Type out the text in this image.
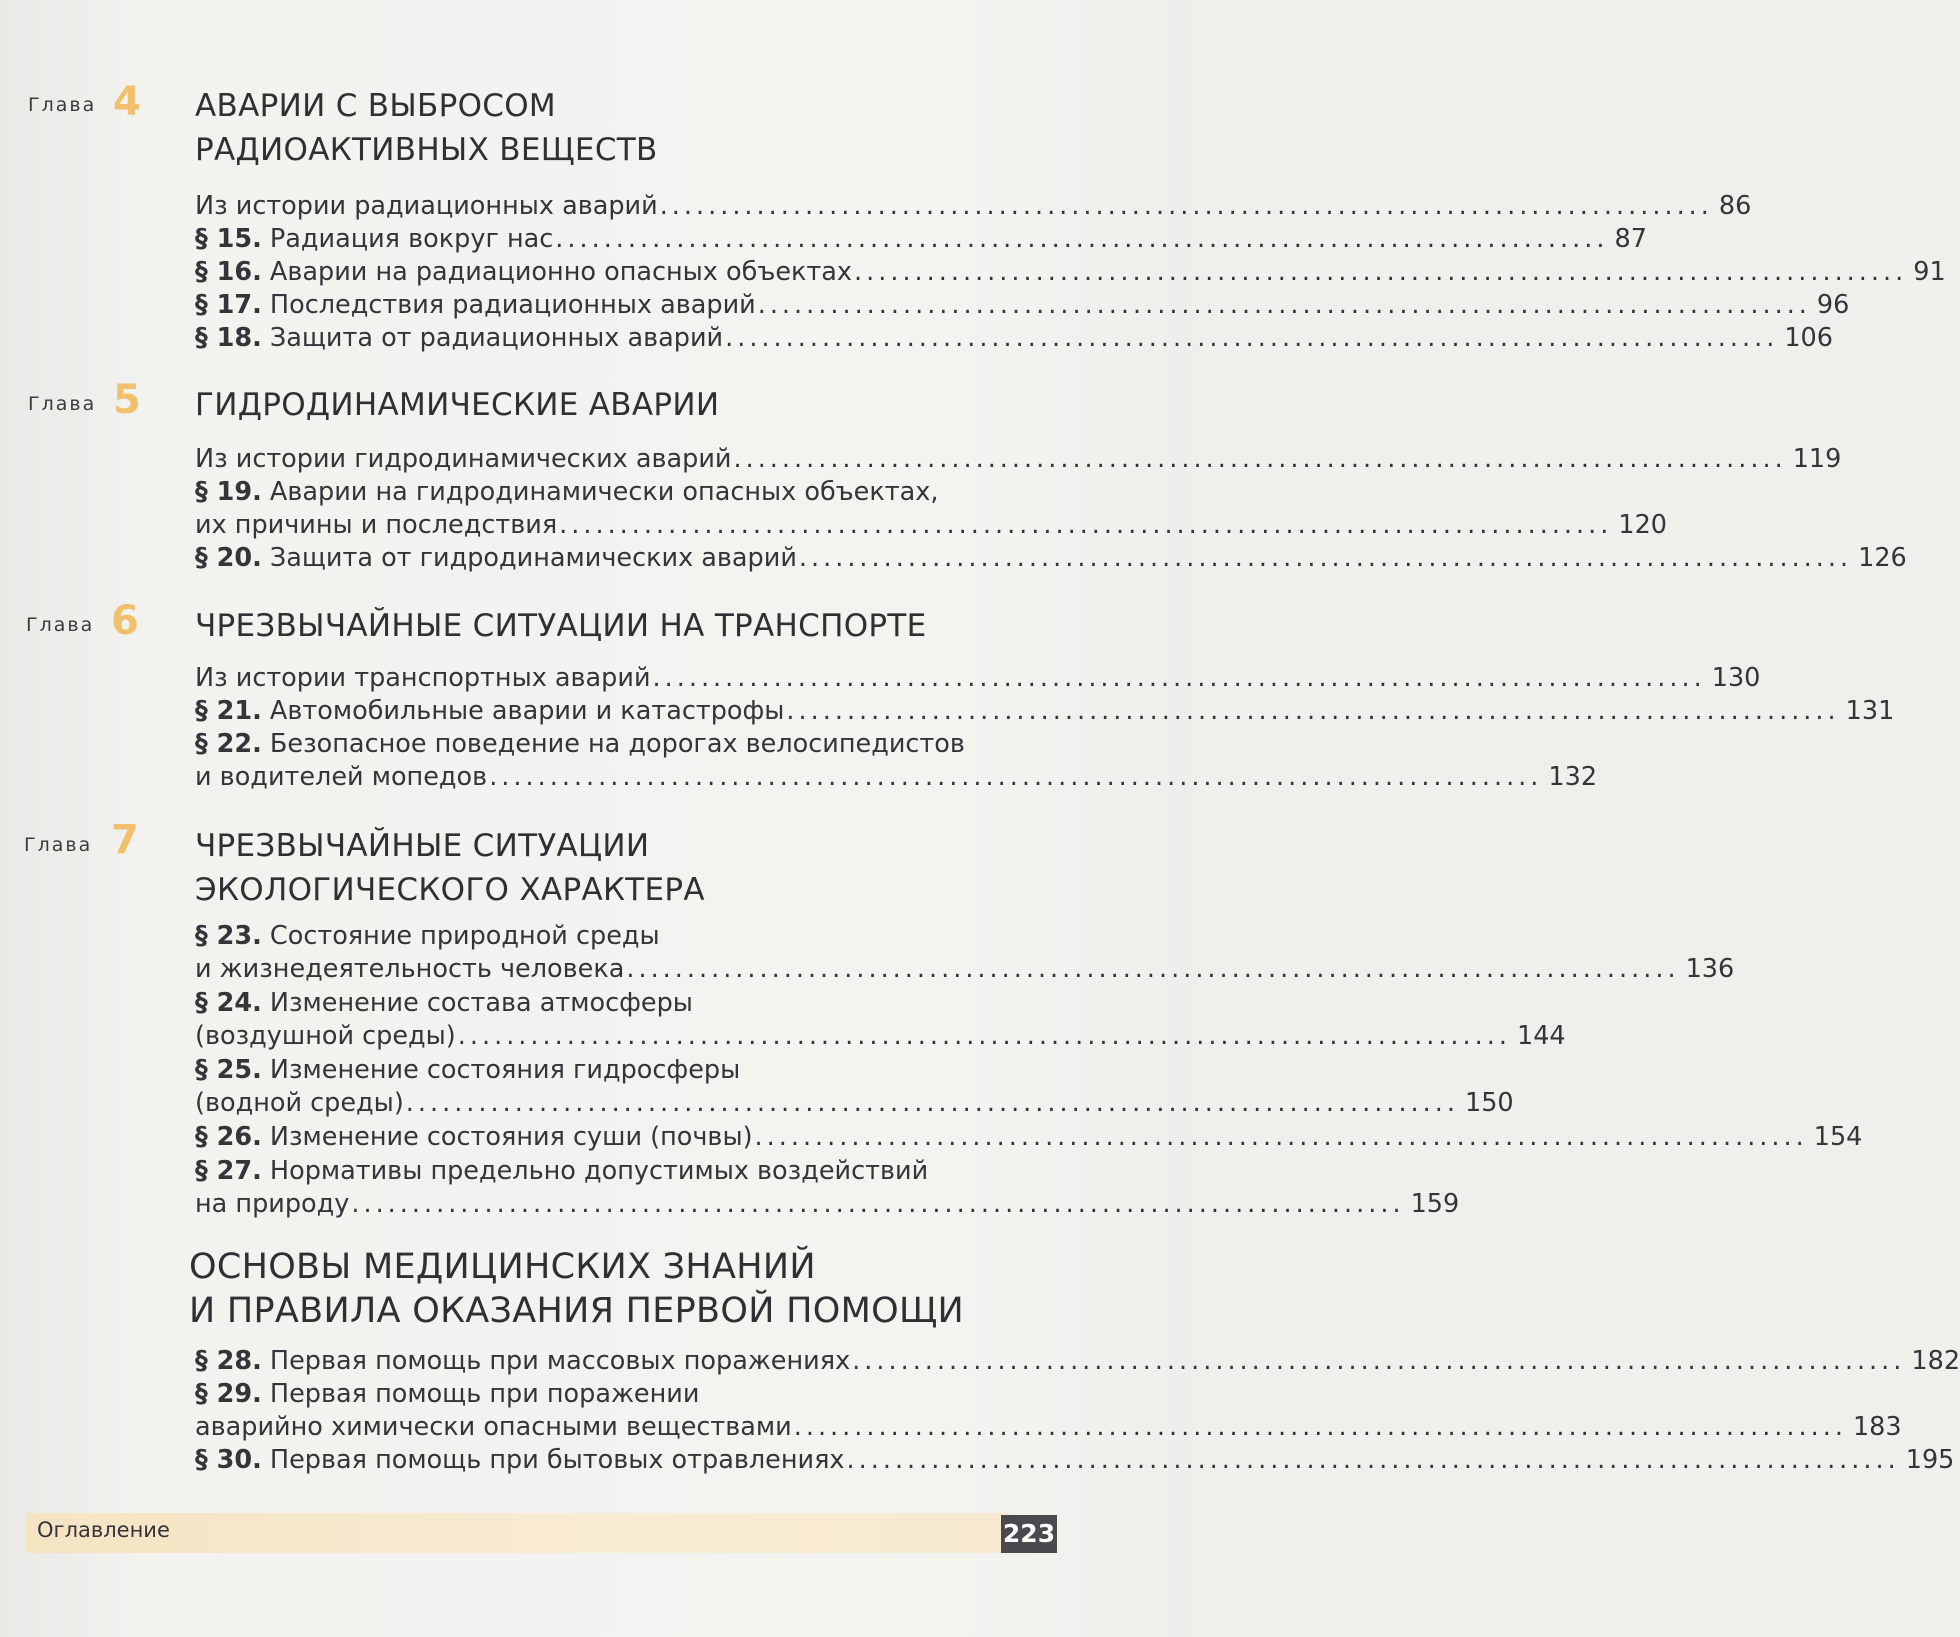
Глава 4 АВАРИИ С ВЫБРОСОМ
РАДИОАКТИВНЫХ ВЕЩЕСТВ
Из истории радиационных аварий ....................................................................................... 86
§ 15. Радиация вокруг нас ....................................................................................... 87
§ 16. Аварии на радиационно опасных объектах ....................................................................................... 91
§ 17. Последствия радиационных аварий ....................................................................................... 96
§ 18. Защита от радиационных аварий ....................................................................................... 106
Глава 5 ГИДРОДИНАМИЧЕСКИЕ АВАРИИ
Из истории гидродинамических аварий ....................................................................................... 119
§ 19. Аварии на гидродинамически опасных объектах,
их причины и последствия ....................................................................................... 120
§ 20. Защита от гидродинамических аварий ....................................................................................... 126
Глава 6 ЧРЕЗВЫЧАЙНЫЕ СИТУАЦИИ НА ТРАНСПОРТЕ
Из истории транспортных аварий ....................................................................................... 130
§ 21. Автомобильные аварии и катастрофы ....................................................................................... 131
§ 22. Безопасное поведение на дорогах велосипедистов
и водителей мопедов ....................................................................................... 132
Глава 7 ЧРЕЗВЫЧАЙНЫЕ СИТУАЦИИ
ЭКОЛОГИЧЕСКОГО ХАРАКТЕРА
§ 23. Состояние природной среды
и жизнедеятельность человека ....................................................................................... 136
§ 24. Изменение состава атмосферы
(воздушной среды) ....................................................................................... 144
§ 25. Изменение состояния гидросферы
(водной среды) ....................................................................................... 150
§ 26. Изменение состояния суши (почвы) ....................................................................................... 154
§ 27. Нормативы предельно допустимых воздействий
на природу ....................................................................................... 159
ОСНОВЫ МЕДИЦИНСКИХ ЗНАНИЙ
И ПРАВИЛА ОКАЗАНИЯ ПЕРВОЙ ПОМОЩИ
§ 28. Первая помощь при массовых поражениях ....................................................................................... 182
§ 29. Первая помощь при поражении
аварийно химически опасными веществами ....................................................................................... 183
§ 30. Первая помощь при бытовых отравлениях ....................................................................................... 195
Оглавление	223
